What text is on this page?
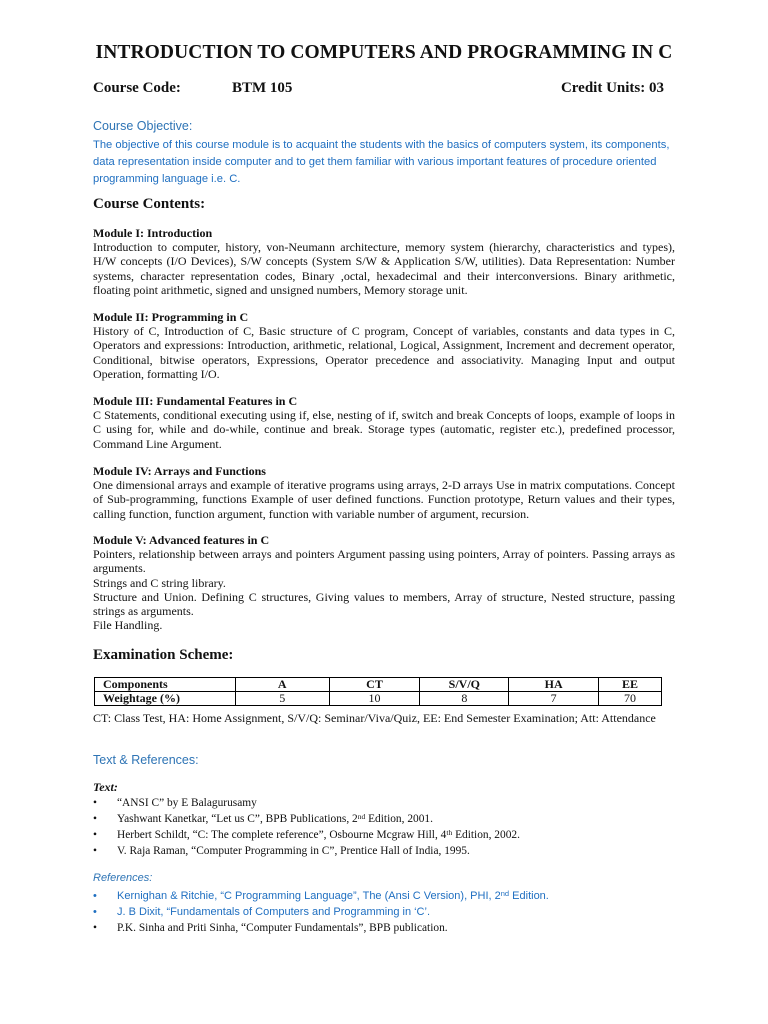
INTRODUCTION TO COMPUTERS AND PROGRAMMING IN C
Course Code:	BTM 105	Credit Units: 03
Course Objective:
The objective of this course module is to acquaint the students with the basics of computers system, its components, data representation inside computer and to get them familiar with various important features of procedure oriented programming language i.e. C.
Course Contents:
Module I: Introduction
Introduction to computer, history, von-Neumann architecture, memory system (hierarchy, characteristics and types), H/W concepts (I/O Devices), S/W concepts (System S/W & Application S/W, utilities). Data Representation: Number systems, character representation codes, Binary ,octal, hexadecimal and their interconversions. Binary arithmetic, floating point arithmetic, signed and unsigned numbers, Memory storage unit.
Module II: Programming in C
History of C, Introduction of C, Basic structure of C program, Concept of variables, constants and data types in C, Operators and expressions: Introduction, arithmetic, relational, Logical, Assignment, Increment and decrement operator, Conditional, bitwise operators, Expressions, Operator precedence and associativity. Managing Input and output Operation, formatting I/O.
Module III: Fundamental Features in C
C Statements, conditional executing using if, else, nesting of if, switch and break Concepts of loops, example of loops in C using for, while and do-while, continue and break. Storage types (automatic, register etc.), predefined processor, Command Line Argument.
Module IV: Arrays and Functions
One dimensional arrays and example of iterative programs using arrays, 2-D arrays Use in matrix computations. Concept of Sub-programming, functions Example of user defined functions. Function prototype, Return values and their types, calling function, function argument, function with variable number of argument, recursion.
Module V: Advanced features in C
Pointers, relationship between arrays and pointers Argument passing using pointers, Array of pointers. Passing arrays as arguments.
Strings and C string library.
Structure and Union. Defining C structures, Giving values to members, Array of structure, Nested structure, passing strings as arguments.
File Handling.
Examination Scheme:
Components	A	CT	S/V/Q	HA	EE
Weightage (%)	5	10	8	7	70
CT: Class Test, HA: Home Assignment, S/V/Q: Seminar/Viva/Quiz, EE: End Semester Examination; Att: Attendance
Text & References:
Text:
• “ANSI C” by E Balagurusamy
• Yashwant Kanetkar, “Let us C”, BPB Publications, 2nd Edition, 2001.
• Herbert Schildt, “C: The complete reference”, Osbourne Mcgraw Hill, 4th Edition, 2002.
• V. Raja Raman, “Computer Programming in C”, Prentice Hall of India, 1995.
References:
• Kernighan & Ritchie, “C Programming Language”, The (Ansi C Version), PHI, 2nd Edition.
• J. B Dixit, “Fundamentals of Computers and Programming in ‘C’.
• P.K. Sinha and Priti Sinha, “Computer Fundamentals”, BPB publication.
